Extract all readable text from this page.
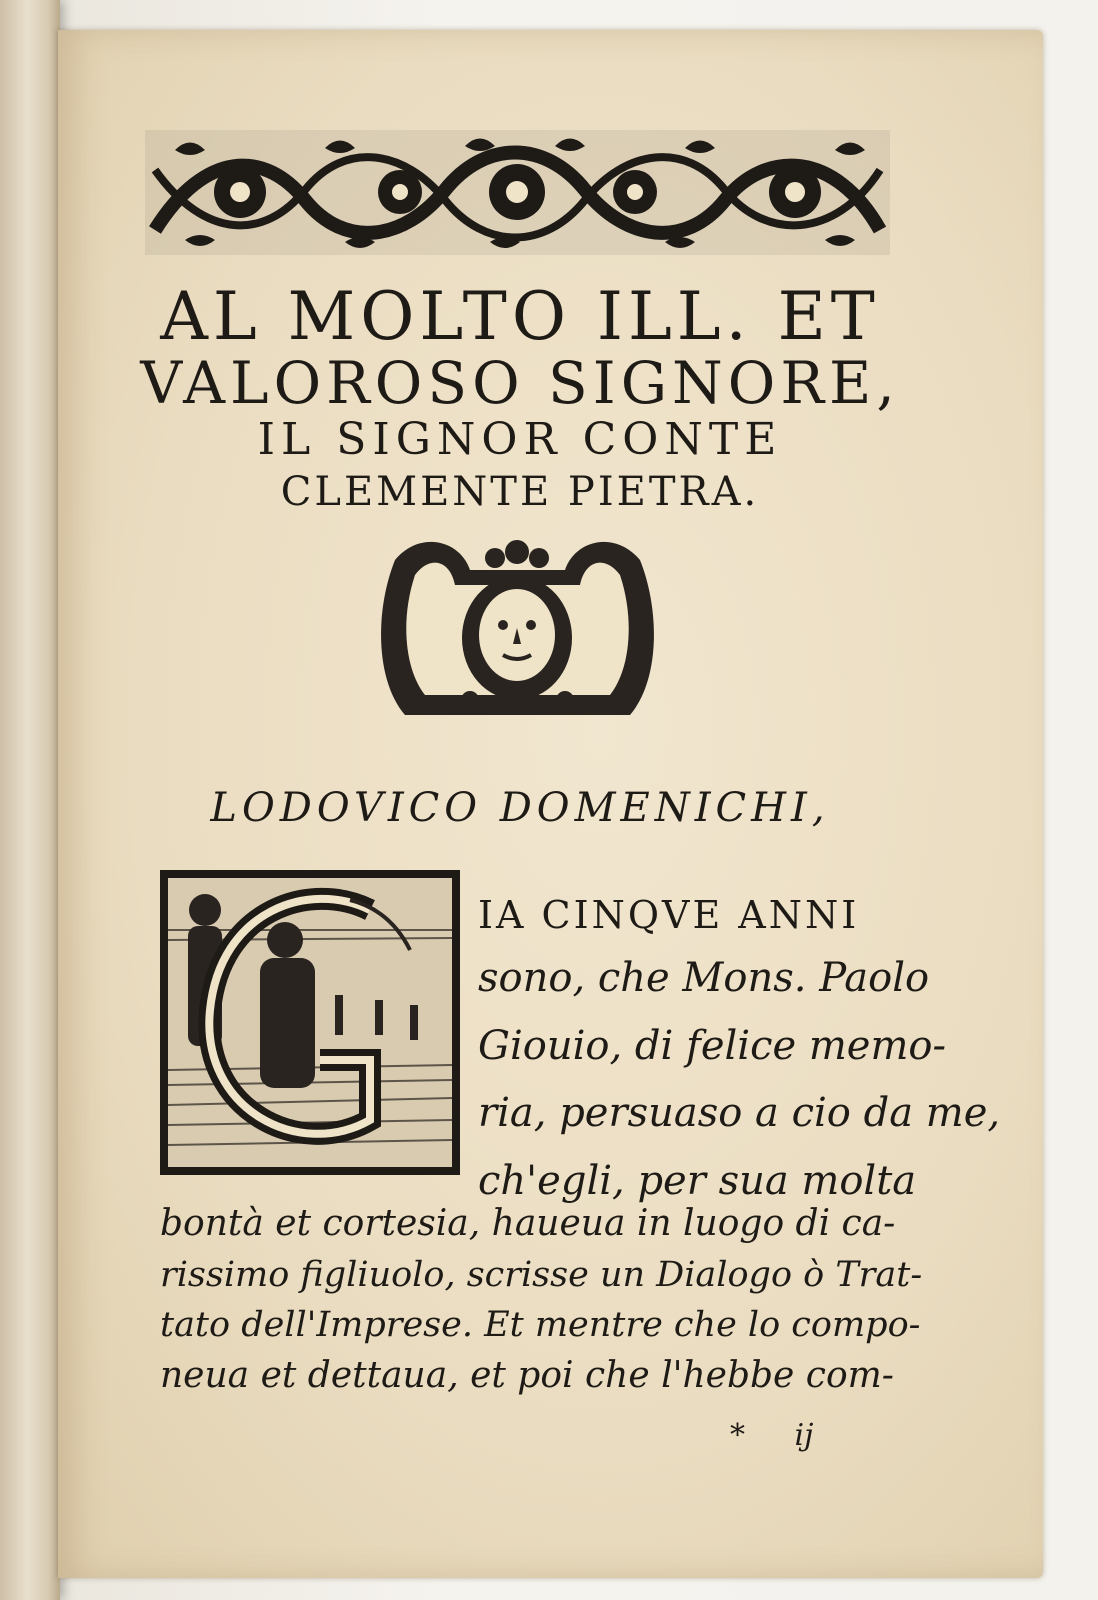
AL MOLTO ILL. ET
VALOROSO SIGNORE,
IL SIGNOR CONTE
CLEMENTE PIETRA.
LODOVICO DOMENICHI,
IA CINQVE ANNI
sono, che Mons. Paolo
Giouio, di felice memo-
ria, persuaso a cio da me,
ch'egli, per sua molta
bontà et cortesia, haueua in luogo di ca-
rissimo figliuolo, scrisse un Dialogo ò Trat-
tato dell'Imprese. Et mentre che lo compo-
neua et dettaua, et poi che l'hebbe com-
* ij
